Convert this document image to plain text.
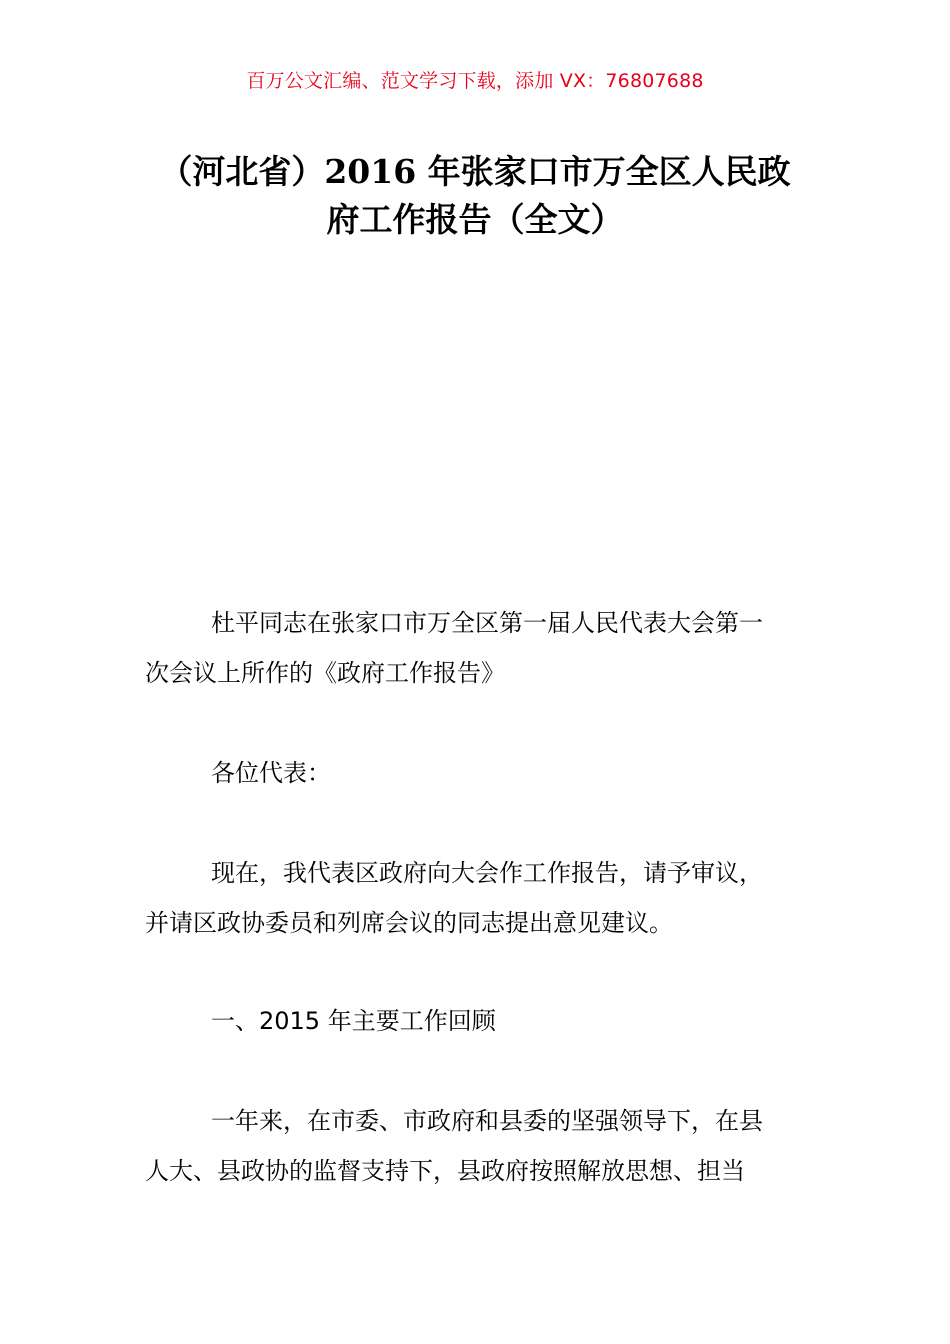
百万公文汇编、范文学习下载，添加 VX：76807688
（河北省）2016 年张家口市万全区人民政
府工作报告（全文）

杜平同志在张家口市万全区第一届人民代表大会第一
次会议上所作的《政府工作报告》

各位代表：

现在，我代表区政府向大会作工作报告，请予审议，
并请区政协委员和列席会议的同志提出意见建议。

一、2015 年主要工作回顾

一年来，在市委、市政府和县委的坚强领导下，在县
人大、县政协的监督支持下，县政府按照解放思想、担当
